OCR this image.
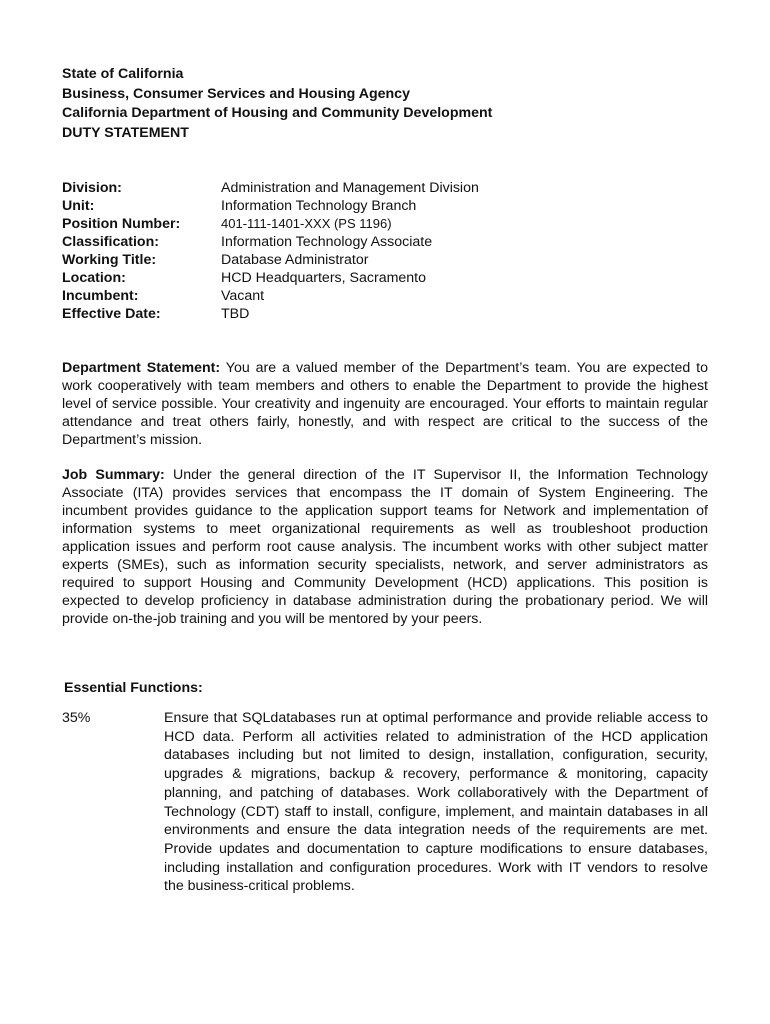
State of California
Business, Consumer Services and Housing Agency
California Department of Housing and Community Development
DUTY STATEMENT
Division:	Administration and Management Division
Unit:	Information Technology Branch
Position Number:	401-111-1401-XXX (PS 1196)
Classification:	Information Technology Associate
Working Title:	Database Administrator
Location:	HCD Headquarters, Sacramento
Incumbent:	Vacant
Effective Date:	TBD
Department Statement: You are a valued member of the Department’s team. You are expected to work cooperatively with team members and others to enable the Department to provide the highest level of service possible. Your creativity and ingenuity are encouraged. Your efforts to maintain regular attendance and treat others fairly, honestly, and with respect are critical to the success of the Department’s mission.
Job Summary: Under the general direction of the IT Supervisor II, the Information Technology Associate (ITA) provides services that encompass the IT domain of System Engineering. The incumbent provides guidance to the application support teams for Network and implementation of information systems to meet organizational requirements as well as troubleshoot production application issues and perform root cause analysis. The incumbent works with other subject matter experts (SMEs), such as information security specialists, network, and server administrators as required to support Housing and Community Development (HCD) applications. This position is expected to develop proficiency in database administration during the probationary period. We will provide on-the-job training and you will be mentored by your peers.
Essential Functions:
35%	Ensure that SQLdatabases run at optimal performance and provide reliable access to HCD data. Perform all activities related to administration of the HCD application databases including but not limited to design, installation, configuration, security, upgrades & migrations, backup & recovery, performance & monitoring, capacity planning, and patching of databases. Work collaboratively with the Department of Technology (CDT) staff to install, configure, implement, and maintain databases in all environments and ensure the data integration needs of the requirements are met. Provide updates and documentation to capture modifications to ensure databases, including installation and configuration procedures. Work with IT vendors to resolve the business-critical problems.
